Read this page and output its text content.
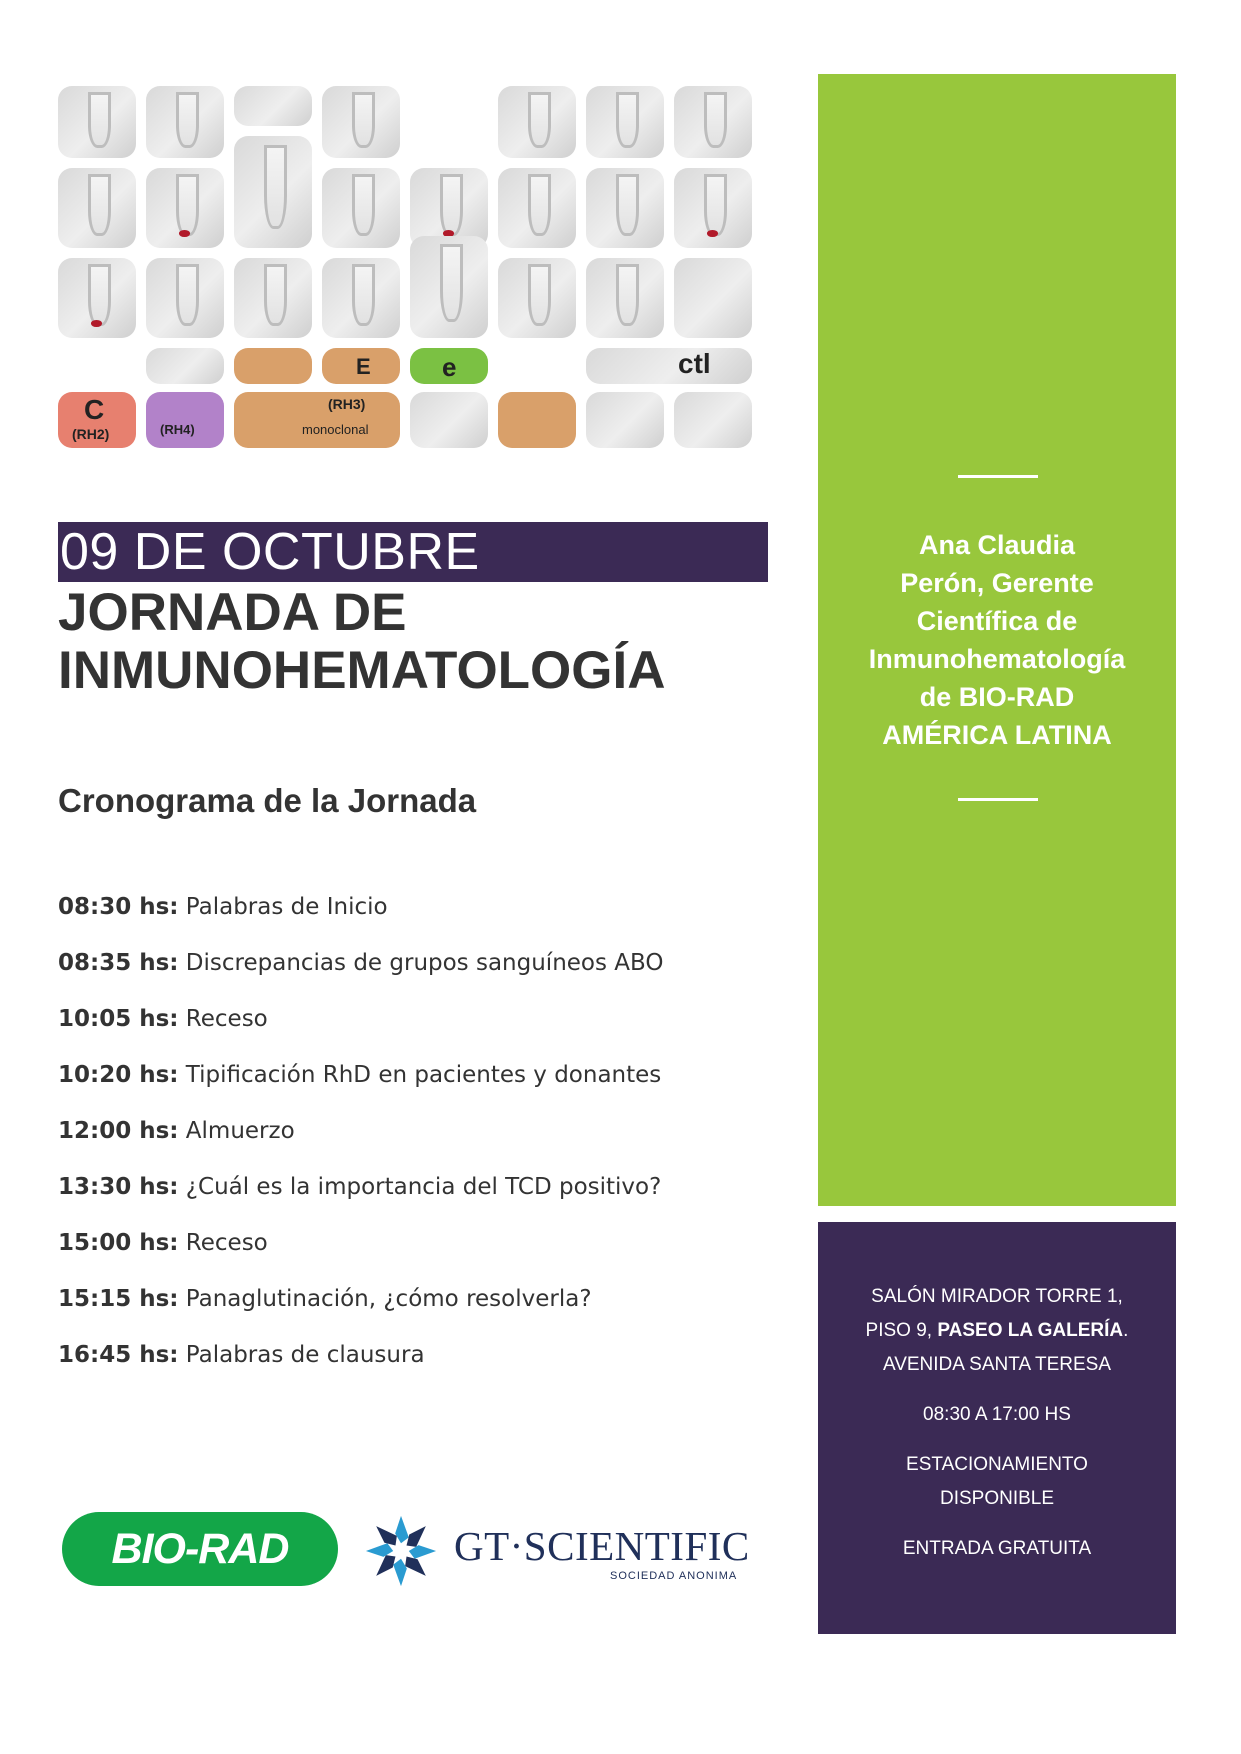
E	e	ctl
C
(RH2)	(RH4)
(RH3)
monoclonal
09 DE OCTUBRE
JORNADA DE
INMUNOHEMATOLOGÍA
Cronograma de la Jornada
08:30 hs: Palabras de Inicio
08:35 hs: Discrepancias de grupos sanguíneos ABO
10:05 hs: Receso
10:20 hs: Tipificación RhD en pacientes y donantes
12:00 hs: Almuerzo
13:30 hs: ¿Cuál es la importancia del TCD positivo?
15:00 hs: Receso
15:15 hs: Panaglutinación, ¿cómo resolverla?
16:45 hs: Palabras de clausura
BIO-RAD	GT·SCIENTIFIC
SOCIEDAD ANONIMA

Ana Claudia
Perón, Gerente
Científica de
Inmunohematología
de BIO-RAD
AMÉRICA LATINA

SALÓN MIRADOR TORRE 1,
PISO 9, PASEO LA GALERÍA.
AVENIDA SANTA TERESA

08:30 A 17:00 HS

ESTACIONAMIENTO
DISPONIBLE

ENTRADA GRATUITA
